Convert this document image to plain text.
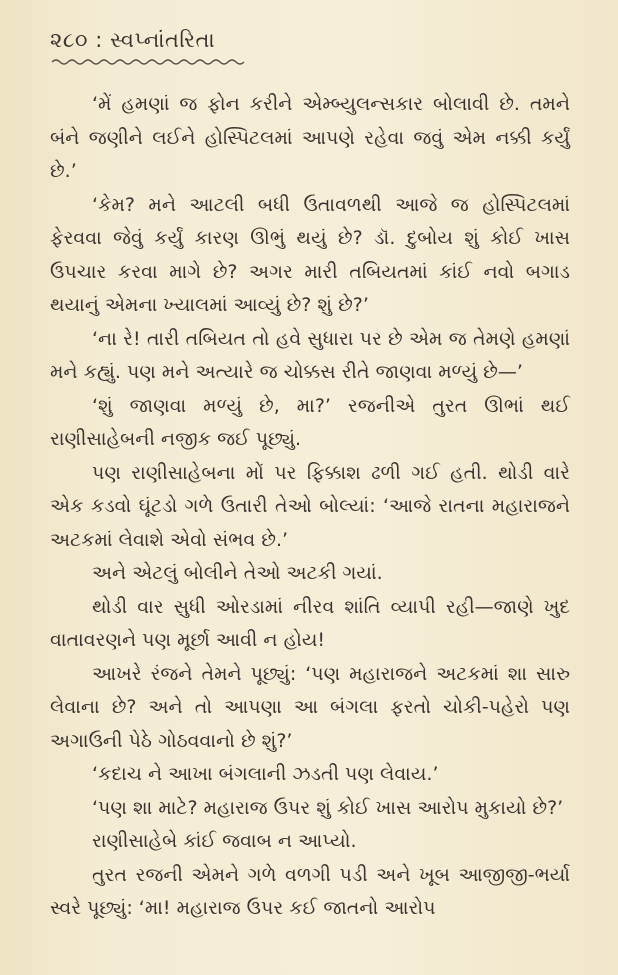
૨૮૦ : સ્વપ્નાંતરિતા

‘મેં હમણાં જ ફોન કરીને એમ્બ્યુલન્સકાર બોલાવી છે. તમને બંને જણીને લઈને હોસ્પિટલમાં આપણે રહેવા જવું એમ નક્કી કર્યું છે.’

‘કેમ? મને આટલી બધી ઉતાવળથી આજે જ હોસ્પિટલમાં ફેરવવા જેવું કર્યું કારણ ઊભું થયું છે? ડૉ. દુબોય શું કોઈ ખાસ ઉપચાર કરવા માગે છે? અગર મારી તબિયતમાં કાંઈ નવો બગાડ થયાનું એમના ખ્યાલમાં આવ્યું છે? શું છે?’

‘ના રે! તારી તબિયત તો હવે સુધારા પર છે એમ જ તેમણે હમણાં મને કહ્યું. પણ મને અત્યારે જ ચોક્કસ રીતે જાણવા મળ્યું છે—’

‘શું જાણવા મળ્યું છે, મા?’ રજનીએ તુરત ઊભાં થઈ રાણીસાહેબની નજીક જઈ પૂછ્યું.

પણ રાણીસાહેબના મોં પર ફિક્કાશ ઢળી ગઈ હતી. થોડી વારે એક કડવો ઘૂંટડો ગળે ઉતારી તેઓ બોલ્યાં: ‘આજે રાતના મહારાજને અટકમાં લેવાશે એવો સંભવ છે.’

અને એટલું બોલીને તેઓ અટકી ગયાં.

થોડી વાર સુધી ઓરડામાં નીરવ શાંતિ વ્યાપી રહી—જાણે ખુદ વાતાવરણને પણ મૂર્છા આવી ન હોય!

આખરે રંજને તેમને પૂછ્યું: ‘પણ મહારાજને અટકમાં શા સારુ લેવાના છે? અને તો આપણા આ બંગલા ફરતો ચોકી-પહેરો પણ અગાઉની પેઠે ગોઠવવાનો છે શું?’

‘કદાચ ને આખા બંગલાની ઝડતી પણ લેવાય.’

‘પણ શા માટે? મહારાજ ઉપર શું કોઈ ખાસ આરોપ મુકાયો છે?’

રાણીસાહેબે કાંઈ જવાબ ન આપ્યો.

તુરત રજની એમને ગળે વળગી પડી અને ખૂબ આજીજી-ભર્યા સ્વરે પૂછ્યું: ‘મા! મહારાજ ઉપર કઈ જાતનો આરોપ
